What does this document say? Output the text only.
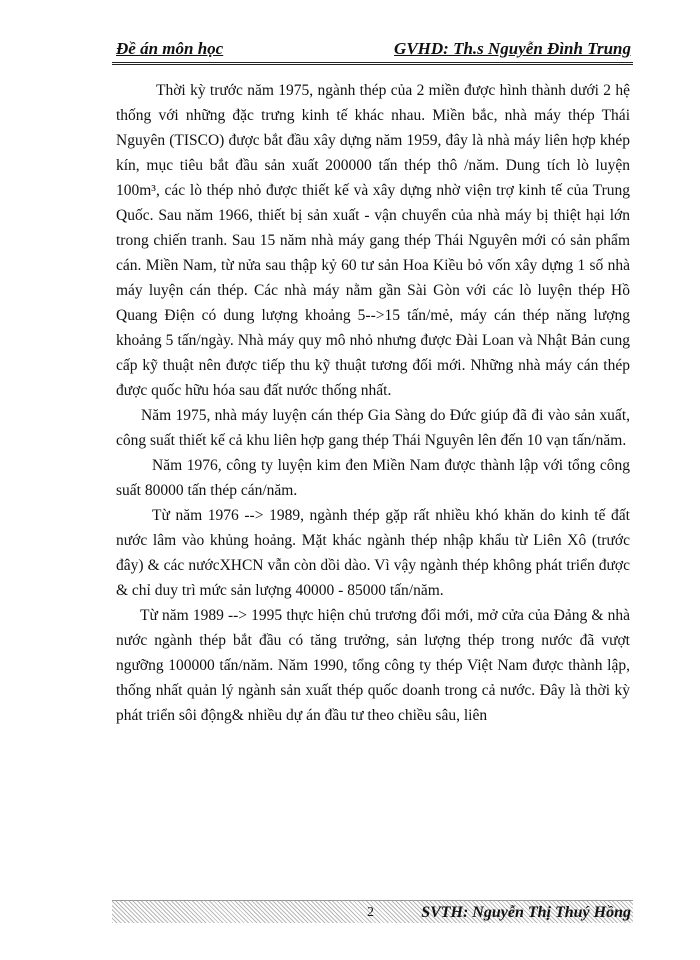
Đề án môn học	GVHD: Th.s Nguyễn Đình Trung

Thời kỳ trước năm 1975, ngành thép của 2 miền được hình thành dưới 2 hệ thống với những đặc trưng kinh tế khác nhau. Miền bắc, nhà máy thép Thái Nguyên (TISCO) được bắt đầu xây dựng năm 1959, đây là nhà máy liên hợp khép kín, mục tiêu bắt đầu sản xuất 200000 tấn thép thô /năm. Dung tích lò luyện 100m³, các lò thép nhỏ được thiết kế và xây dựng nhờ viện trợ kinh tế của Trung Quốc. Sau năm 1966, thiết bị sản xuất - vận chuyển của nhà máy bị thiệt hại lớn trong chiến tranh. Sau 15 năm nhà máy gang thép Thái Nguyên mới có sản phẩm cán. Miền Nam, từ nửa sau thập kỷ 60 tư sản Hoa Kiều bỏ vốn xây dựng 1 số nhà máy luyện cán thép. Các nhà máy nằm gần Sài Gòn với các lò luyện thép Hồ Quang Điện có dung lượng khoảng 5-->15 tấn/mẻ, máy cán thép năng lượng khoảng 5 tấn/ngày. Nhà máy quy mô nhỏ nhưng được Đài Loan và Nhật Bản cung cấp kỹ thuật nên được tiếp thu kỹ thuật tương đối mới. Những nhà máy cán thép được quốc hữu hóa sau đất nước thống nhất.

Năm 1975, nhà máy luyện cán thép Gia Sàng do Đức giúp đã đi vào sản xuất, công suất thiết kế cả khu liên hợp gang thép Thái Nguyên lên đến 10 vạn tấn/năm.

Năm 1976, công ty luyện kim đen Miền Nam được thành lập với tổng công suất 80000 tấn thép cán/năm.

Từ năm 1976 --> 1989, ngành thép gặp rất nhiều khó khăn do kinh tế đất nước lâm vào khủng hoảng. Mặt khác ngành thép nhập khẩu từ Liên Xô (trước đây) & các nướcXHCN vẫn còn dồi dào. Vì vậy ngành thép không phát triển được & chỉ duy trì mức sản lượng 40000 - 85000 tấn/năm.

Từ năm 1989 --> 1995 thực hiện chủ trương đổi mới, mở cửa của Đảng & nhà nước ngành thép bắt đầu có tăng trưởng, sản lượng thép trong nước đã vượt ngưỡng 100000 tấn/năm. Năm 1990, tổng công ty thép Việt Nam được thành lập, thống nhất quản lý ngành sản xuất thép quốc doanh trong cả nước. Đây là thời kỳ phát triển sôi động& nhiều dự án đầu tư theo chiều sâu, liên

2	SVTH: Nguyễn Thị Thuý Hồng
